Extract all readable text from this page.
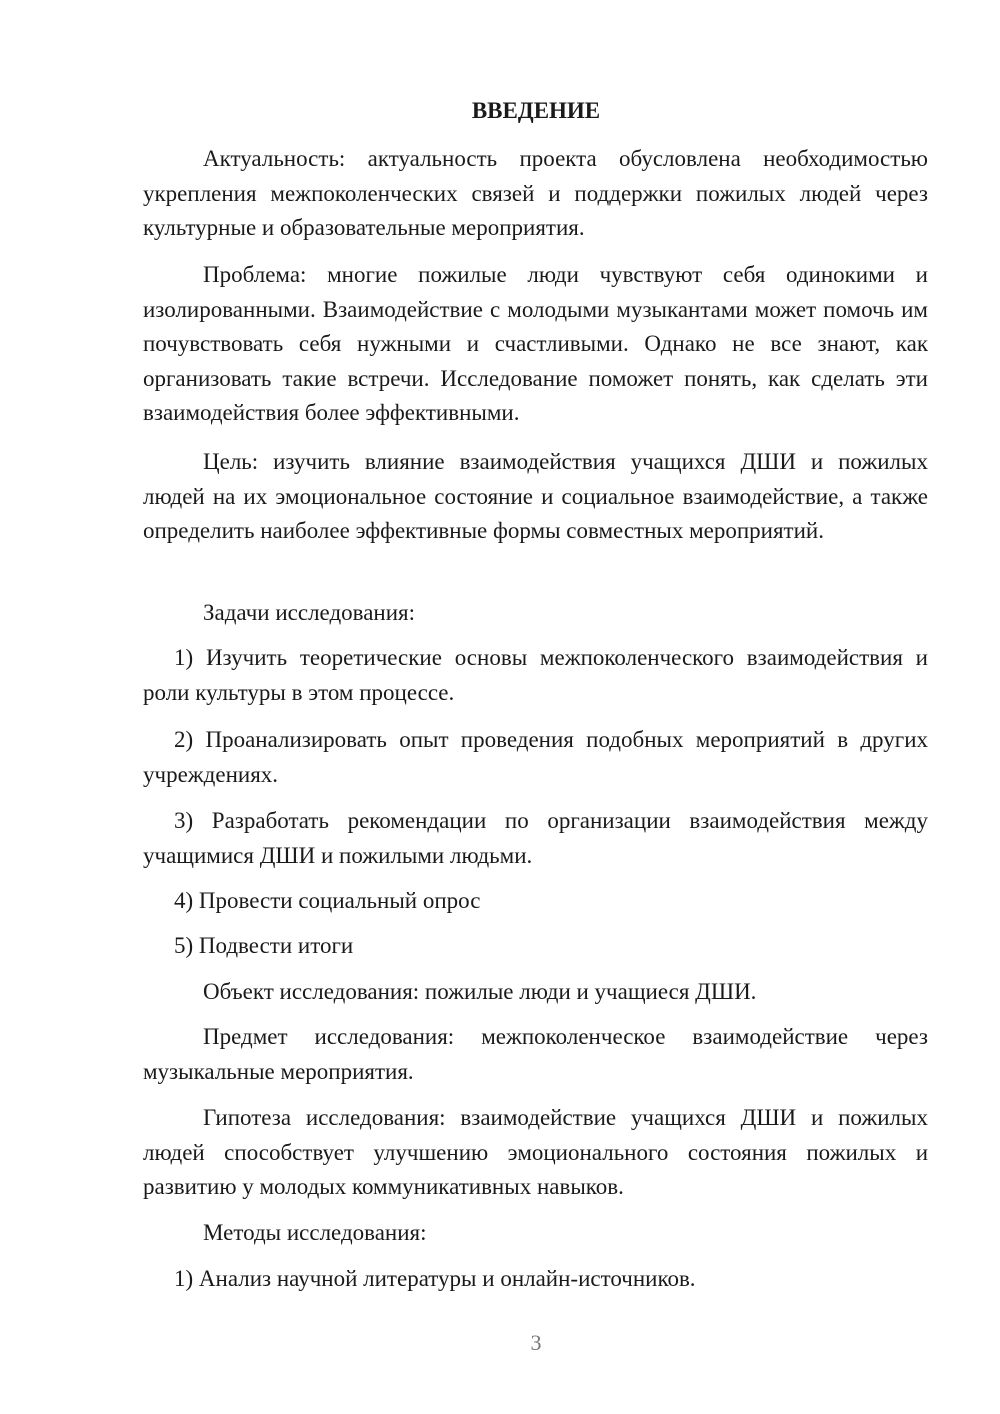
ВВЕДЕНИЕ

Актуальность: актуальность проекта обусловлена необходимостью укрепления межпоколенческих связей и поддержки пожилых людей через культурные и образовательные мероприятия.

Проблема: многие пожилые люди чувствуют себя одинокими и изолированными. Взаимодействие с молодыми музыкантами может помочь им почувствовать себя нужными и счастливыми. Однако не все знают, как организовать такие встречи. Исследование поможет понять, как сделать эти взаимодействия более эффективными.

Цель: изучить влияние взаимодействия учащихся ДШИ и пожилых людей на их эмоциональное состояние и социальное взаимодействие, а также определить наиболее эффективные формы совместных мероприятий.

Задачи исследования:

1) Изучить теоретические основы межпоколенческого взаимодействия и роли культуры в этом процессе.

2) Проанализировать опыт проведения подобных мероприятий в других учреждениях.

3) Разработать рекомендации по организации взаимодействия между учащимися ДШИ и пожилыми людьми.

4) Провести социальный опрос

5) Подвести итоги

Объект исследования: пожилые люди и учащиеся ДШИ.

Предмет исследования: межпоколенческое взаимодействие через музыкальные мероприятия.

Гипотеза исследования: взаимодействие учащихся ДШИ и пожилых людей способствует улучшению эмоционального состояния пожилых и развитию у молодых коммуникативных навыков.

Методы исследования:

1) Анализ научной литературы и онлайн-источников.

3
